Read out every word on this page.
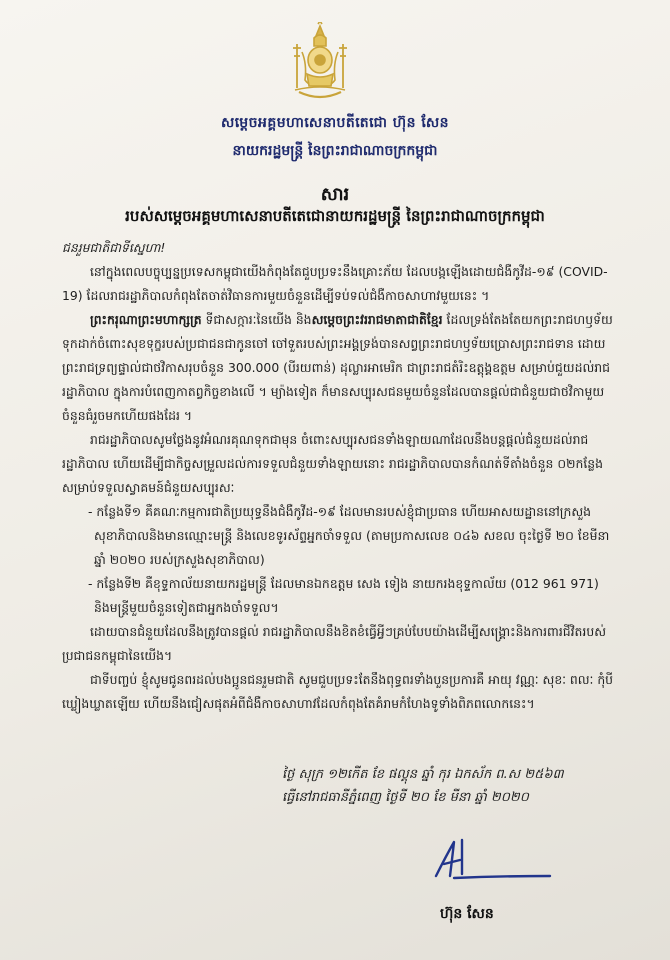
សម្ដេចអគ្គមហាសេនាបតីតេជោ ហ៊ុន សែន
នាយករដ្ឋមន្ត្រី នៃព្រះរាជាណាចក្រកម្ពុជា
សារ
របស់សម្ដេចអគ្គមហាសេនាបតីតេជោនាយករដ្ឋមន្ត្រី នៃព្រះរាជាណាចក្រកម្ពុជា

ជនរួមជាតិជាទីស្នេហា!

នៅក្នុងពេលបច្ចុប្បន្នប្រទេសកម្ពុជាយើងកំពុងតែជួបប្រទះនឹងគ្រោះភ័យ ដែលបង្កឡើងដោយជំងឺកូវីដ-១៩ (COVID-19) ដែលរាជរដ្ឋាភិបាលកំពុងតែចាត់វិធានការមួយចំនួនដើម្បីទប់ទល់ជំងឺកាចសាហាវមួយនេះ ។

ព្រះករុណាព្រះមហាក្សត្រ ទីជាសក្ការៈនៃយើង និងសម្ដេចព្រះវររាជមាតាជាតិខ្មែរ ដែលទ្រង់តែងតែយកព្រះរាជហឫទ័យទុកដាក់ចំពោះសុខទុក្ខរបស់ប្រជាជនជាកូនចៅ ចៅទួតរបស់ព្រះអង្គទ្រង់បានសព្វព្រះរាជហឫទ័យប្រោសព្រះរាជទាន ដោយព្រះរាជទ្រព្យផ្ទាល់ជាថវិកាសរុបចំនួន 300.000 (បីរយពាន់) ដុល្លារអាមេរិក ជាព្រះរាជតំរិះឧត្តុង្គឧត្តម សម្រាប់ជួយដល់រាជរដ្ឋាភិបាល ក្នុងការបំពេញកាតព្វកិច្ចខាងលើ ។ ម្យ៉ាងទៀត ក៏មានសប្បុរសជនមួយចំនួនដែលបានផ្ដល់ជាជំនួយជាថវិកាមួយចំនួនធំរួចមកហើយផងដែរ ។

រាជរដ្ឋាភិបាលសូមថ្លែងនូវអំណរគុណទុកជាមុន ចំពោះសប្បុរសជនទាំងឡាយណាដែលនឹងបន្តផ្ដល់ជំនួយដល់រាជរដ្ឋាភិបាល ហើយដើម្បីជាកិច្ចសម្រួលដល់ការទទួលជំនួយទាំងឡាយនោះ រាជរដ្ឋាភិបាលបានកំណត់ទីតាំងចំនួន ០២កន្លែង សម្រាប់ទទួលស្វាគមន៍ជំនួយសប្បុរសៈ

- កន្លែងទី១ គឺគណៈកម្មការជាតិប្រយុទ្ធនឹងជំងឺកូវីដ-១៩ ដែលមានរបស់ខ្ញុំជាប្រធាន ហើយអាសយដ្ឋាននៅក្រសួងសុខាភិបាលនិងមានឈ្មោះមន្ត្រី និងលេខទូរស័ព្ទអ្នកចាំទទួល (តាមប្រកាសលេខ ០៤៦ សខល ចុះថ្ងៃទី ២០ ខែមីនា ឆ្នាំ ២០២០ របស់ក្រសួងសុខាភិបាល)

- កន្លែងទី២ គឺខុទ្ទកាល័យនាយករដ្ឋមន្ត្រី ដែលមានឯកឧត្ដម សេង ទៀង នាយករងខុទ្ទកាល័យ (012 961 971) និងមន្ត្រីមួយចំនួនទៀតជាអ្នកងចាំទទួល។

ដោយបានជំនួយដែលនឹងត្រូវបានផ្ដល់ រាជរដ្ឋាភិបាលនឹងខិតខំធ្វើអ្វីៗគ្រប់បែបយ៉ាងដើម្បីសង្គ្រោះនិងការពារជីវិតរបស់ប្រជាជនកម្ពុជានៃយើង។

ជាទីបញ្ចប់ ខ្ញុំសូមជូនពរដល់បងប្អូនជនរួមជាតិ សូមជួបប្រទះតែនឹងពុទ្ធពរទាំងបួនប្រការគឺ អាយុ វណ្ណៈ សុខៈ ពលៈ កុំបីឃ្លៀងឃ្លាតឡើយ ហើយនឹងជៀសផុតអំពីជំងឺកាចសាហាវដែលកំពុងតែគំរាមកំហែងទូទាំងពិភពលោកនេះ។

ថ្ងៃ សុក្រ ១២កើត ខែ ផល្គុន ឆ្នាំ កុរ ឯកស័ក ព.ស ២៥៦៣
ធ្វើនៅរាជធានីភ្នំពេញ ថ្ងៃទី ២០ ខែ មីនា ឆ្នាំ ២០២០
ហ៊ុន សែន
